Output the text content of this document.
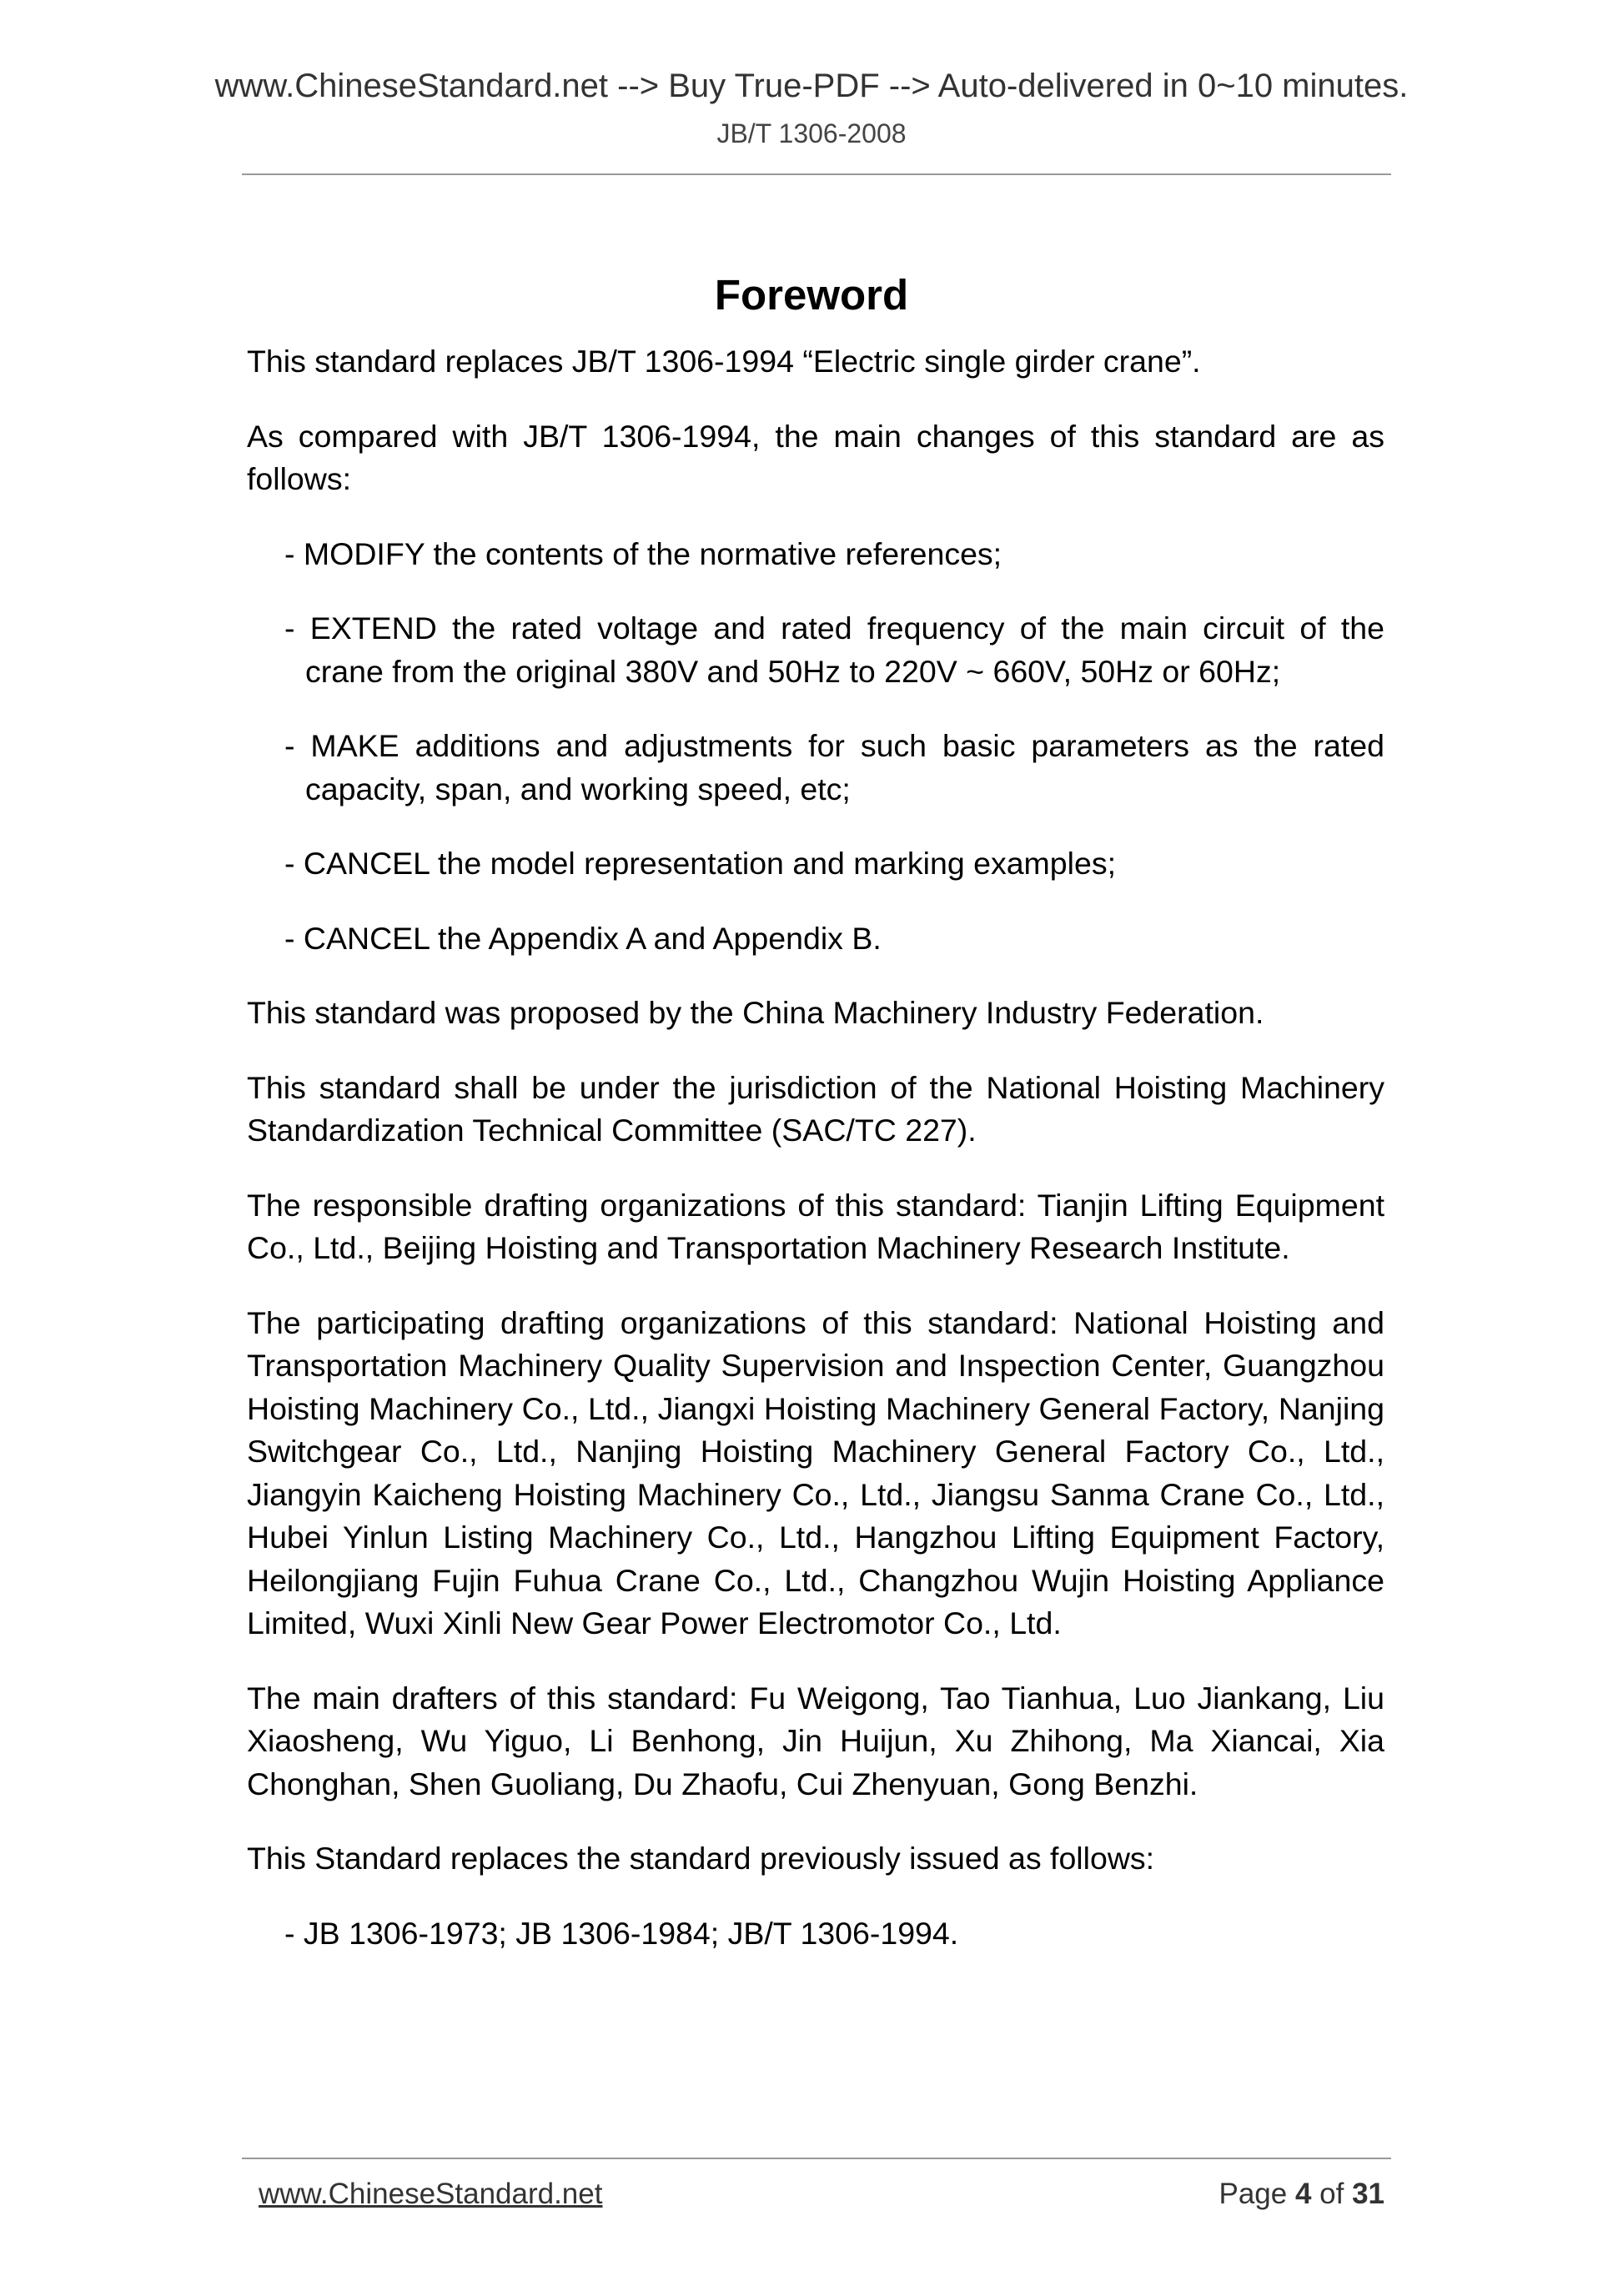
www.ChineseStandard.net --> Buy True-PDF --> Auto-delivered in 0~10 minutes.
JB/T 1306-2008
Foreword

This standard replaces JB/T 1306-1994 “Electric single girder crane”.

As compared with JB/T 1306-1994, the main changes of this standard are as follows:

- MODIFY the contents of the normative references;

- EXTEND the rated voltage and rated frequency of the main circuit of the crane from the original 380V and 50Hz to 220V ~ 660V, 50Hz or 60Hz;

- MAKE additions and adjustments for such basic parameters as the rated capacity, span, and working speed, etc;

- CANCEL the model representation and marking examples;

- CANCEL the Appendix A and Appendix B.

This standard was proposed by the China Machinery Industry Federation.

This standard shall be under the jurisdiction of the National Hoisting Machinery Standardization Technical Committee (SAC/TC 227).

The responsible drafting organizations of this standard: Tianjin Lifting Equipment Co., Ltd., Beijing Hoisting and Transportation Machinery Research Institute.

The participating drafting organizations of this standard: National Hoisting and Transportation Machinery Quality Supervision and Inspection Center, Guangzhou Hoisting Machinery Co., Ltd., Jiangxi Hoisting Machinery General Factory, Nanjing Switchgear Co., Ltd., Nanjing Hoisting Machinery General Factory Co., Ltd., Jiangyin Kaicheng Hoisting Machinery Co., Ltd., Jiangsu Sanma Crane Co., Ltd., Hubei Yinlun Listing Machinery Co., Ltd., Hangzhou Lifting Equipment Factory, Heilongjiang Fujin Fuhua Crane Co., Ltd., Changzhou Wujin Hoisting Appliance Limited, Wuxi Xinli New Gear Power Electromotor Co., Ltd.

The main drafters of this standard: Fu Weigong, Tao Tianhua, Luo Jiankang, Liu Xiaosheng, Wu Yiguo, Li Benhong, Jin Huijun, Xu Zhihong, Ma Xiancai, Xia Chonghan, Shen Guoliang, Du Zhaofu, Cui Zhenyuan, Gong Benzhi.

This Standard replaces the standard previously issued as follows:

- JB 1306-1973; JB 1306-1984; JB/T 1306-1994.

www.ChineseStandard.net	Page 4 of 31
